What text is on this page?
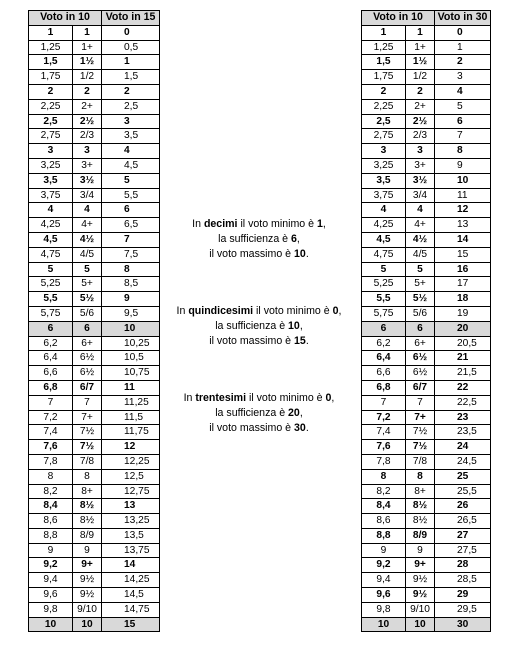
Voto in 10		Voto in 15
1	1	0
1,25	1+	0,5
1,5	1½	1
1,75	1/2	1,5
2	2	2
2,25	2+	2,5
2,5	2½	3
2,75	2/3	3,5
3	3	4
3,25	3+	4,5
3,5	3½	5
3,75	3/4	5,5
4	4	6
4,25	4+	6,5
4,5	4½	7
4,75	4/5	7,5
5	5	8
5,25	5+	8,5
5,5	5½	9
5,75	5/6	9,5
6	6	10
6,2	6+	10,25
6,4	6½	10,5
6,6	6½	10,75
6,8	6/7	11
7	7	11,25
7,2	7+	11,5
7,4	7½	11,75
7,6	7½	12
7,8	7/8	12,25
8	8	12,5
8,2	8+	12,75
8,4	8½	13
8,6	8½	13,25
8,8	8/9	13,5
9	9	13,75
9,2	9+	14
9,4	9½	14,25
9,6	9½	14,5
9,8	9/10	14,75
10	10	15
In decimi il voto minimo è 1,
la sufficienza è 6,
il voto massimo è 10.
In quindicesimi il voto minimo è 0,
la sufficienza è 10,
il voto massimo è 15.
In trentesimi il voto minimo è 0,
la sufficienza è 20,
il voto massimo è 30.
Voto in 10		Voto in 30
1	1	0
1,25	1+	1
1,5	1½	2
1,75	1/2	3
2	2	4
2,25	2+	5
2,5	2½	6
2,75	2/3	7
3	3	8
3,25	3+	9
3,5	3½	10
3,75	3/4	11
4	4	12
4,25	4+	13
4,5	4½	14
4,75	4/5	15
5	5	16
5,25	5+	17
5,5	5½	18
5,75	5/6	19
6	6	20
6,2	6+	20,5
6,4	6½	21
6,6	6½	21,5
6,8	6/7	22
7	7	22,5
7,2	7+	23
7,4	7½	23,5
7,6	7½	24
7,8	7/8	24,5
8	8	25
8,2	8+	25,5
8,4	8½	26
8,6	8½	26,5
8,8	8/9	27
9	9	27,5
9,2	9+	28
9,4	9½	28,5
9,6	9½	29
9,8	9/10	29,5
10	10	30
